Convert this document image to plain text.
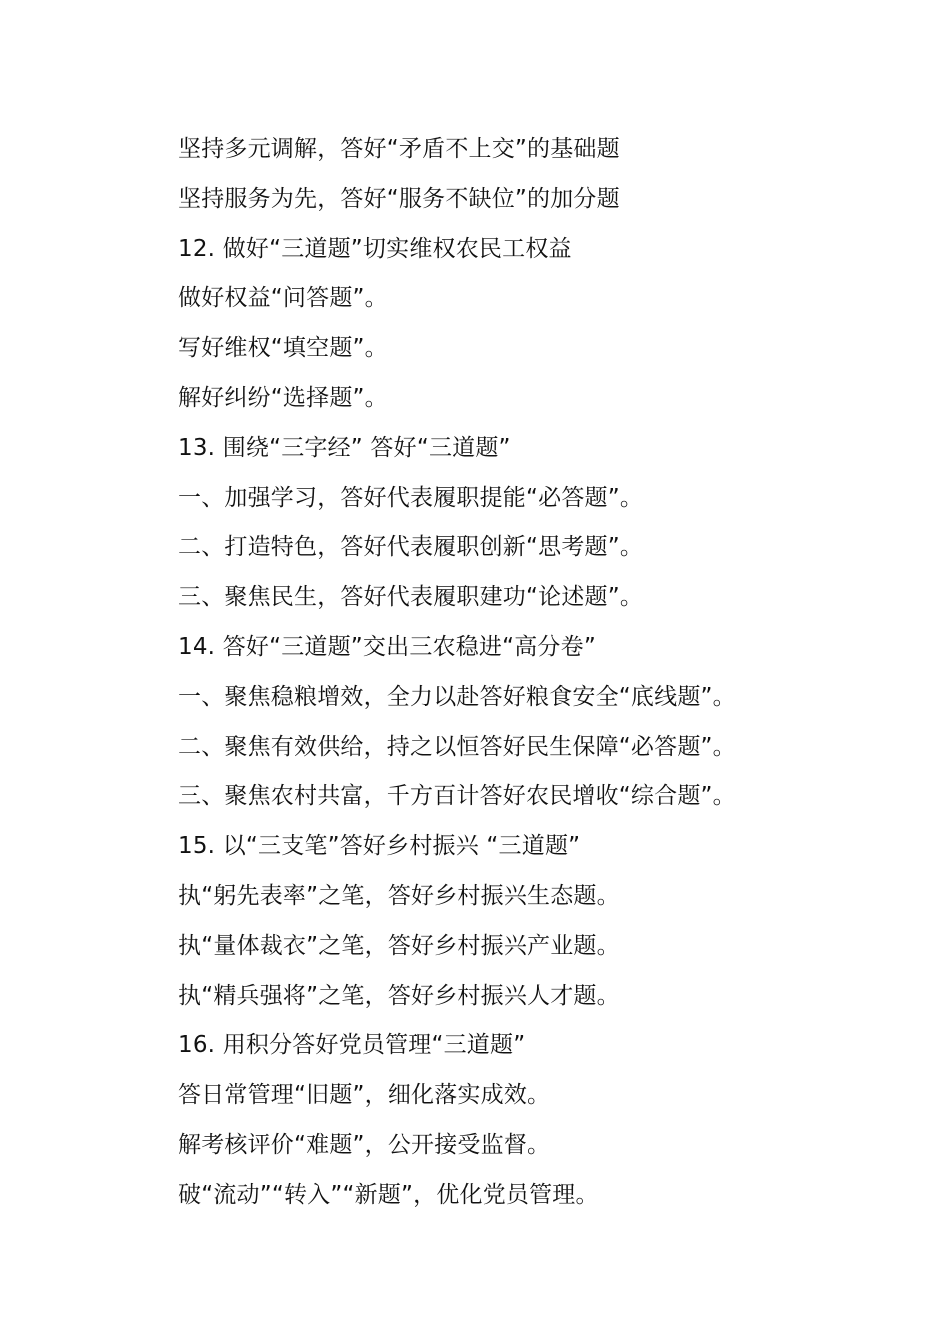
坚持多元调解，答好“矛盾不上交”的基础题
坚持服务为先，答好“服务不缺位”的加分题
12. 做好“三道题”切实维权农民工权益
做好权益“问答题”。
写好维权“填空题”。
解好纠纷“选择题”。
13. 围绕“三字经” 答好“三道题”
一、加强学习，答好代表履职提能“必答题”。
二、打造特色，答好代表履职创新“思考题”。
三、聚焦民生，答好代表履职建功“论述题”。
14. 答好“三道题”交出三农稳进“高分卷”
一、聚焦稳粮增效，全力以赴答好粮食安全“底线题”。
二、聚焦有效供给，持之以恒答好民生保障“必答题”。
三、聚焦农村共富，千方百计答好农民增收“综合题”。
15. 以“三支笔”答好乡村振兴 “三道题”
执“躬先表率”之笔，答好乡村振兴生态题。
执“量体裁衣”之笔，答好乡村振兴产业题。
执“精兵强将”之笔，答好乡村振兴人才题。
16. 用积分答好党员管理“三道题”
答日常管理“旧题”，细化落实成效。
解考核评价“难题”，公开接受监督。
破“流动”“转入”“新题”，优化党员管理。
